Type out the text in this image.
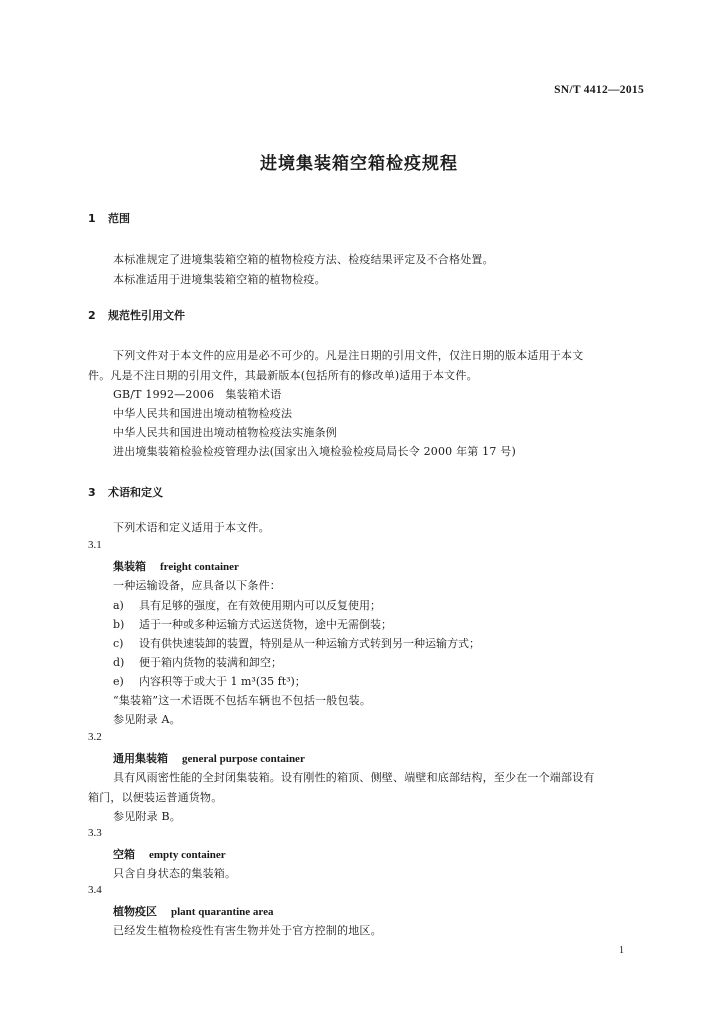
SN/T 4412—2015
进境集装箱空箱检疫规程
1 范围
本标准规定了进境集装箱空箱的植物检疫方法、检疫结果评定及不合格处置。
本标准适用于进境集装箱空箱的植物检疫。
2 规范性引用文件
下列文件对于本文件的应用是必不可少的。凡是注日期的引用文件，仅注日期的版本适用于本文
件。凡是不注日期的引用文件，其最新版本(包括所有的修改单)适用于本文件。
GB/T 1992—2006　集装箱术语
中华人民共和国进出境动植物检疫法
中华人民共和国进出境动植物检疫法实施条例
进出境集装箱检验检疫管理办法(国家出入境检验检疫局局长令 2000 年第 17 号)
3 术语和定义
下列术语和定义适用于本文件。
3.1
集装箱 freight container
一种运输设备，应具备以下条件：
a) 具有足够的强度，在有效使用期内可以反复使用；
b) 适于一种或多种运输方式运送货物，途中无需倒装；
c) 设有供快速装卸的装置，特别是从一种运输方式转到另一种运输方式；
d) 便于箱内货物的装满和卸空；
e) 内容积等于或大于 1 m³(35 ft³)；
“集装箱”这一术语既不包括车辆也不包括一般包装。
参见附录 A。
3.2
通用集装箱 general purpose container
具有风雨密性能的全封闭集装箱。设有刚性的箱顶、侧壁、端壁和底部结构，至少在一个端部设有
箱门，以便装运普通货物。
参见附录 B。
3.3
空箱 empty container
只含自身状态的集装箱。
3.4
植物疫区 plant quarantine area
已经发生植物检疫性有害生物并处于官方控制的地区。
1
